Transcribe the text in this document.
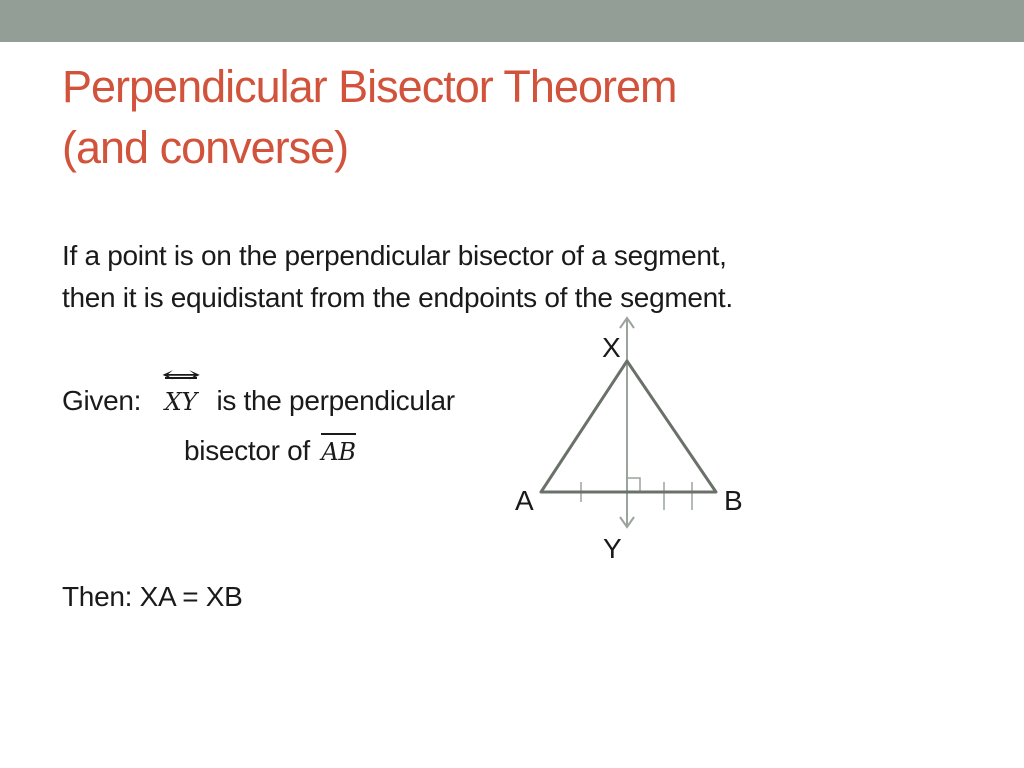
Perpendicular Bisector Theorem
(and converse)
If a point is on the perpendicular bisector of a segment,
then it is equidistant from the endpoints of the segment.
Given: XY ↔ is the perpendicular
bisector of AB
Then: XA = XB
X
A	B
Y
